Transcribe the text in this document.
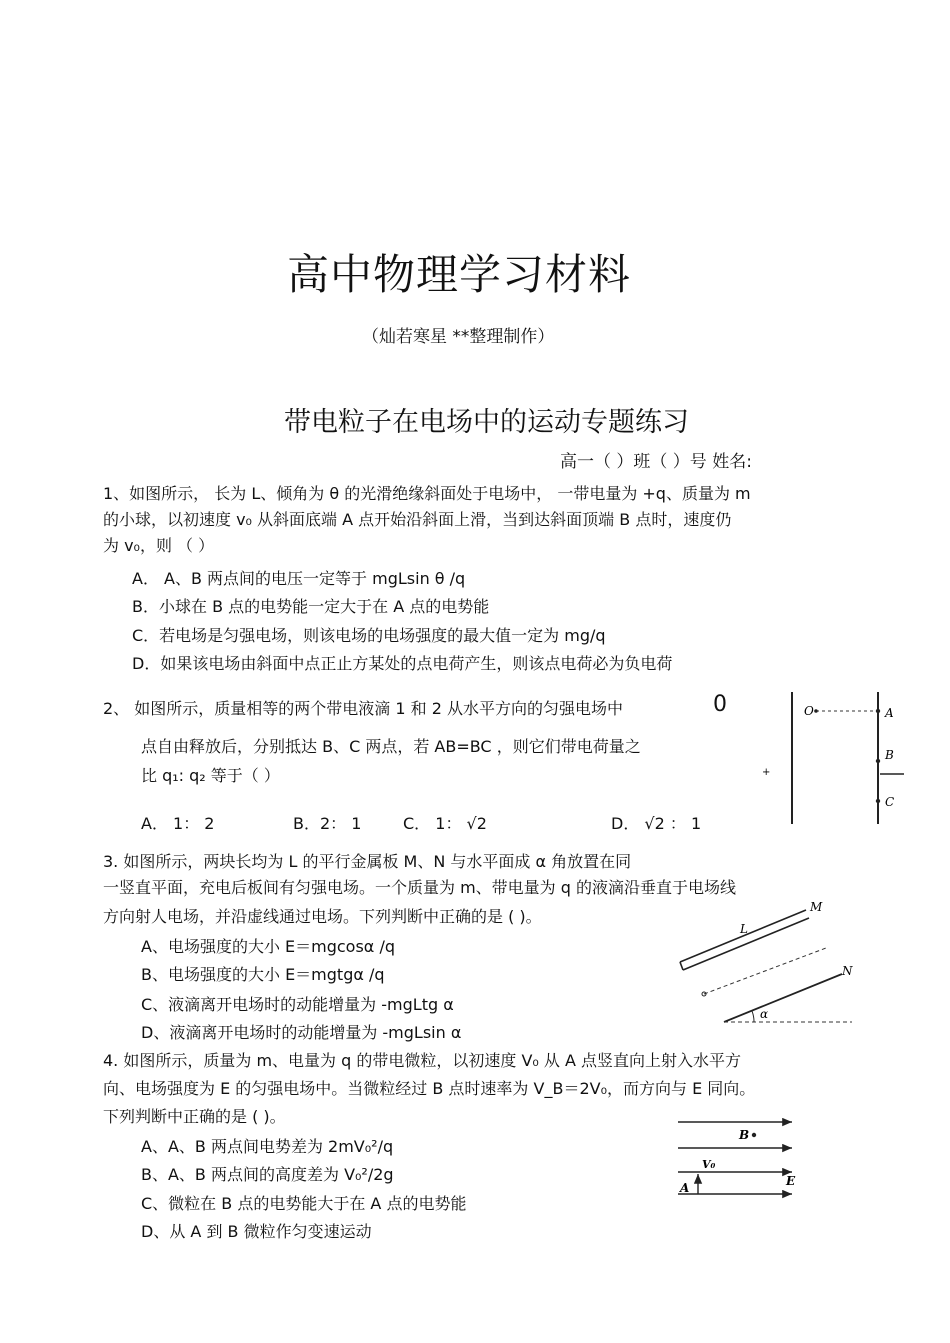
高中物理学习材料
（灿若寒星 **整理制作）
带电粒子在电场中的运动专题练习
高一（ ）班（ ）号 姓名:
1、如图所示， 长为 L、倾角为 θ 的光滑绝缘斜面处于电场中， 一带电量为 +q、质量为 m
的小球，以初速度 v₀ 从斜面底端 A 点开始沿斜面上滑，当到达斜面顶端 B 点时，速度仍
为 v₀，则 （ ）
A． A、B 两点间的电压一定等于 mgLsin θ /q
B．小球在 B 点的电势能一定大于在 A 点的电势能
C．若电场是匀强电场，则该电场的电场强度的最大值一定为 mg/q
D．如果该电场由斜面中点正止方某处的点电荷产生，则该点电荷必为负电荷
2、 如图所示，质量相等的两个带电液滴 1 和 2 从水平方向的匀强电场中	0
点自由释放后，分别抵达 B、C 两点，若 AB=BC ，则它们带电荷量之
比 q₁: q₂ 等于（ ）
A． 1： 2	B．2： 1	C． 1： √2	D． √2 ： 1
O	A
B
C
+
3. 如图所示，两块长均为 L 的平行金属板 M、N 与水平面成 α 角放置在同
一竖直平面，充电后板间有匀强电场。一个质量为 m、带电量为 q 的液滴沿垂直于电场线
方向射人电场，并沿虚线通过电场。下列判断中正确的是 ( )。
A、电场强度的大小 E＝mgcosα /q
B、电场强度的大小 E＝mgtgα /q
C、液滴离开电场时的动能增量为 -mgLtg α
D、液滴离开电场时的动能增量为 -mgLsin α
M
N
L
α
4. 如图所示，质量为 m、电量为 q 的带电微粒，以初速度 V₀ 从 A 点竖直向上射入水平方
向、电场强度为 E 的匀强电场中。当微粒经过 B 点时速率为 V_B＝2V₀，而方向与 E 同向。
下列判断中正确的是 ( )。
A、A、B 两点间电势差为 2mV₀²/q
B、A、B 两点间的高度差为 V₀²/2g
C、微粒在 B 点的电势能大于在 A 点的电势能
D、从 A 到 B 微粒作匀变速运动
B
V₀
A	E
